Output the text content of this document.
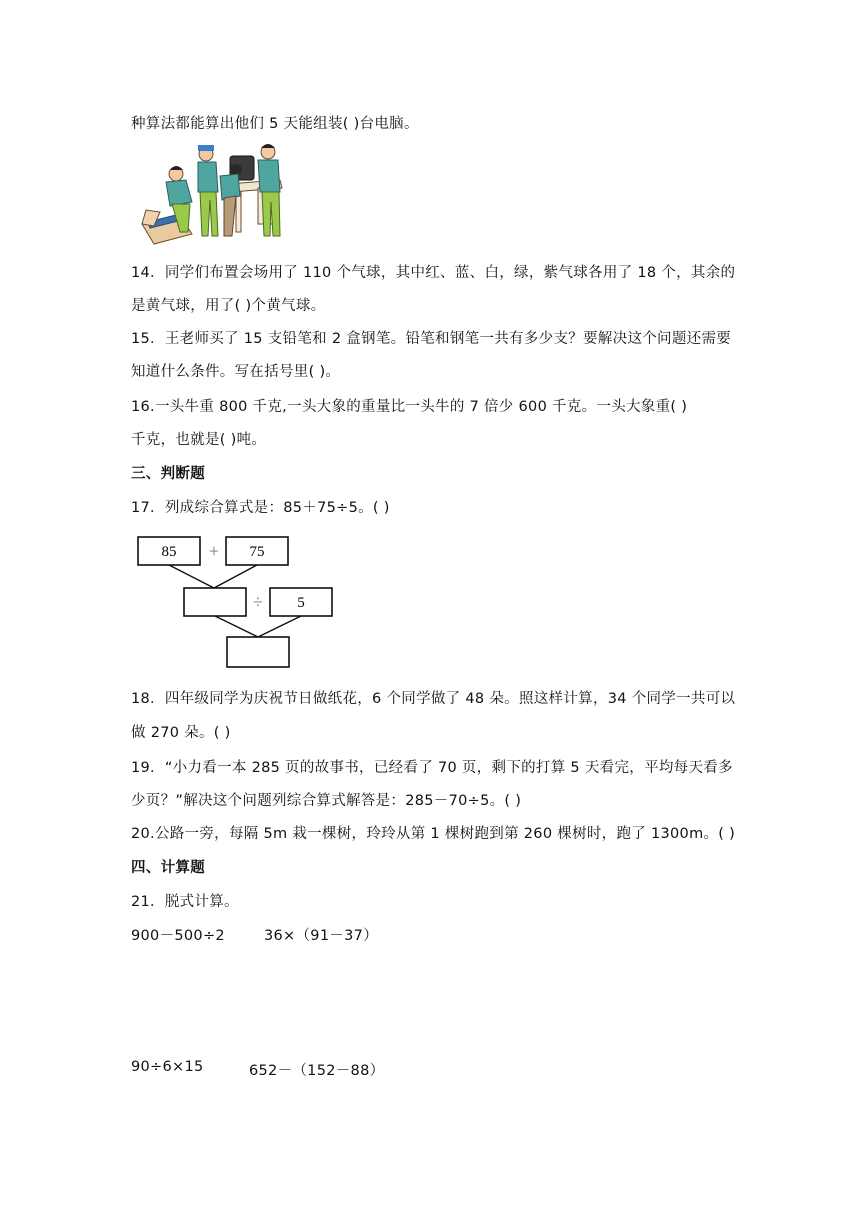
种算法都能算出他们 5 天能组装( )台电脑。
14．同学们布置会场用了 110 个气球，其中红、蓝、白，绿，紫气球各用了 18 个，其余的
是黄气球，用了( )个黄气球。
15．王老师买了 15 支铅笔和 2 盒钢笔。铅笔和钢笔一共有多少支？要解决这个问题还需要
知道什么条件。写在括号里( )。
16.一头牛重 800 千克,一头大象的重量比一头牛的 7 倍少 600 千克。一头大象重( )
千克，也就是( )吨。
三、判断题
17．列成综合算式是：85＋75÷5。( )
85 + 75
÷ 5
18．四年级同学为庆祝节日做纸花，6 个同学做了 48 朵。照这样计算，34 个同学一共可以
做 270 朵。( )
19．“小力看一本 285 页的故事书，已经看了 70 页，剩下的打算 5 天看完，平均每天看多
少页？”解决这个问题列综合算式解答是：285－70÷5。( )
20.公路一旁，每隔 5m 栽一棵树，玲玲从第 1 棵树跑到第 260 棵树时，跑了 1300m。( )
四、计算题
21．脱式计算。
900－500÷2	36×（91－37）
90÷6×15	652－（152－88）
